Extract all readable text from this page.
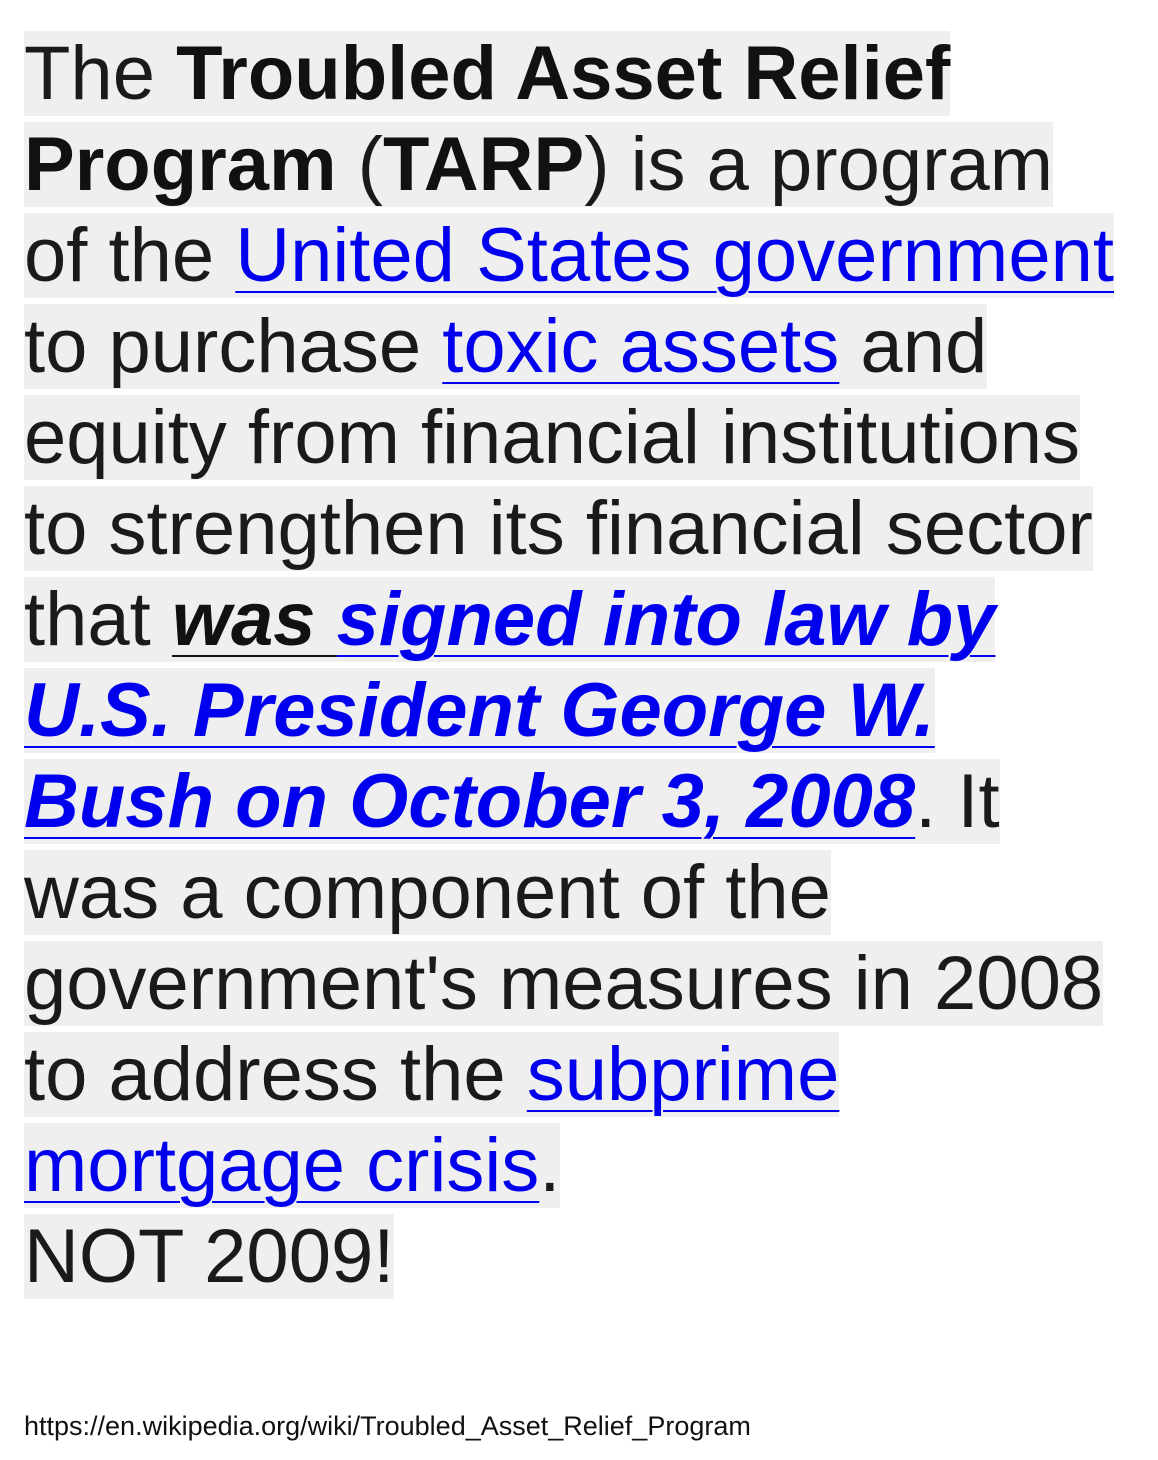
The Troubled Asset Relief Program (TARP) is a program of the United States government to purchase toxic assets and equity from financial institutions to strengthen its financial sector that was signed into law by U.S. President George W. Bush on October 3, 2008. It was a component of the government's measures in 2008 to address the subprime mortgage crisis.
NOT 2009!

https://en.wikipedia.org/wiki/Troubled_Asset_Relief_Program
